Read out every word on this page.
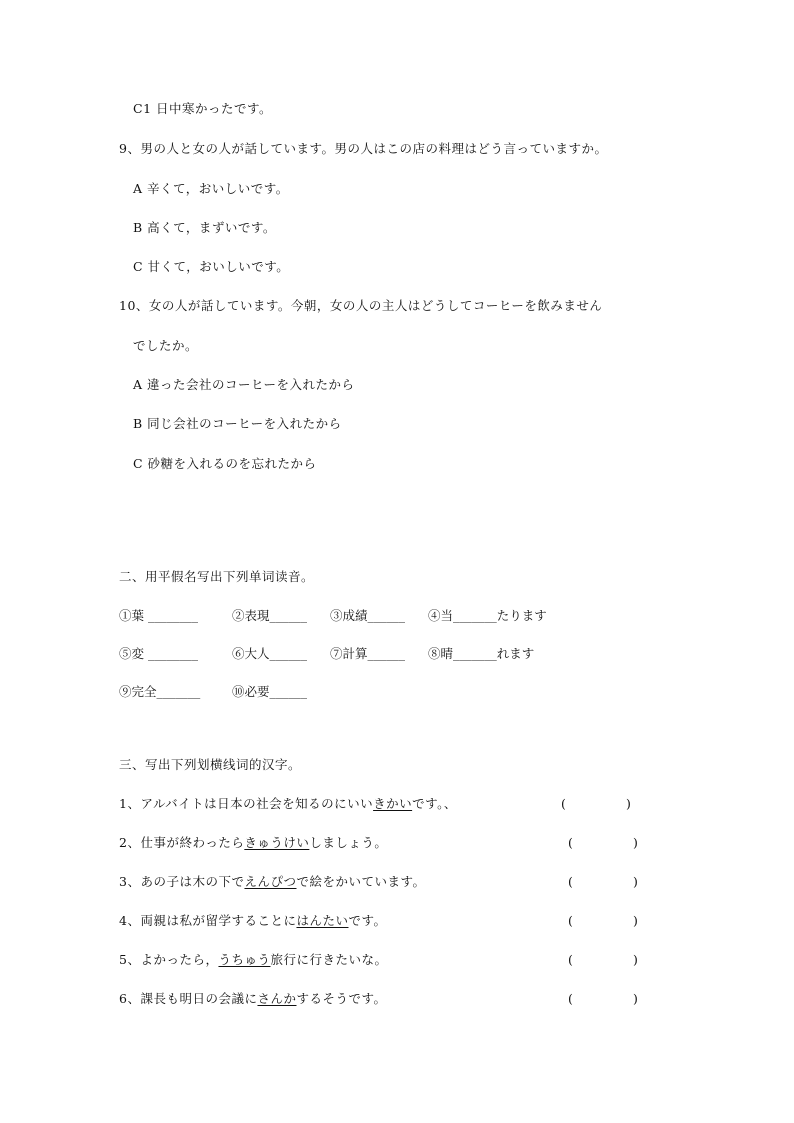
C1 日中寒かったです。
9、男の人と女の人が話しています。男の人はこの店の料理はどう言っていますか。
A 辛くて，おいしいです。
B 高くて，まずいです。
C 甘くて，おいしいです。
10、女の人が話しています。今朝，女の人の主人はどうしてコーヒーを飲みません
でしたか。
A 違った会社のコーヒーを入れたから
B 同じ会社のコーヒーを入れたから
C 砂糖を入れるのを忘れたから
二、用平假名写出下列单词读音。
①葉 ________	②表現______ ③成績______ ④当_______たります
⑤変 ________	⑥大人______ ⑦計算______ ⑧晴_______れます
⑨完全_______	⑩必要______
三、写出下列划横线词的汉字。
1、アルバイトは日本の社会を知るのにいいきかいです。、	(	)
2、仕事が終わったらきゅうけいしましょう。	(	)
3、あの子は木の下でえんぴつで絵をかいています。	(	)
4、両親は私が留学することにはんたいです。	(	)
5、よかったら，うちゅう旅行に行きたいな。	(	)
6、課長も明日の会議にさんかするそうです。	(	)
